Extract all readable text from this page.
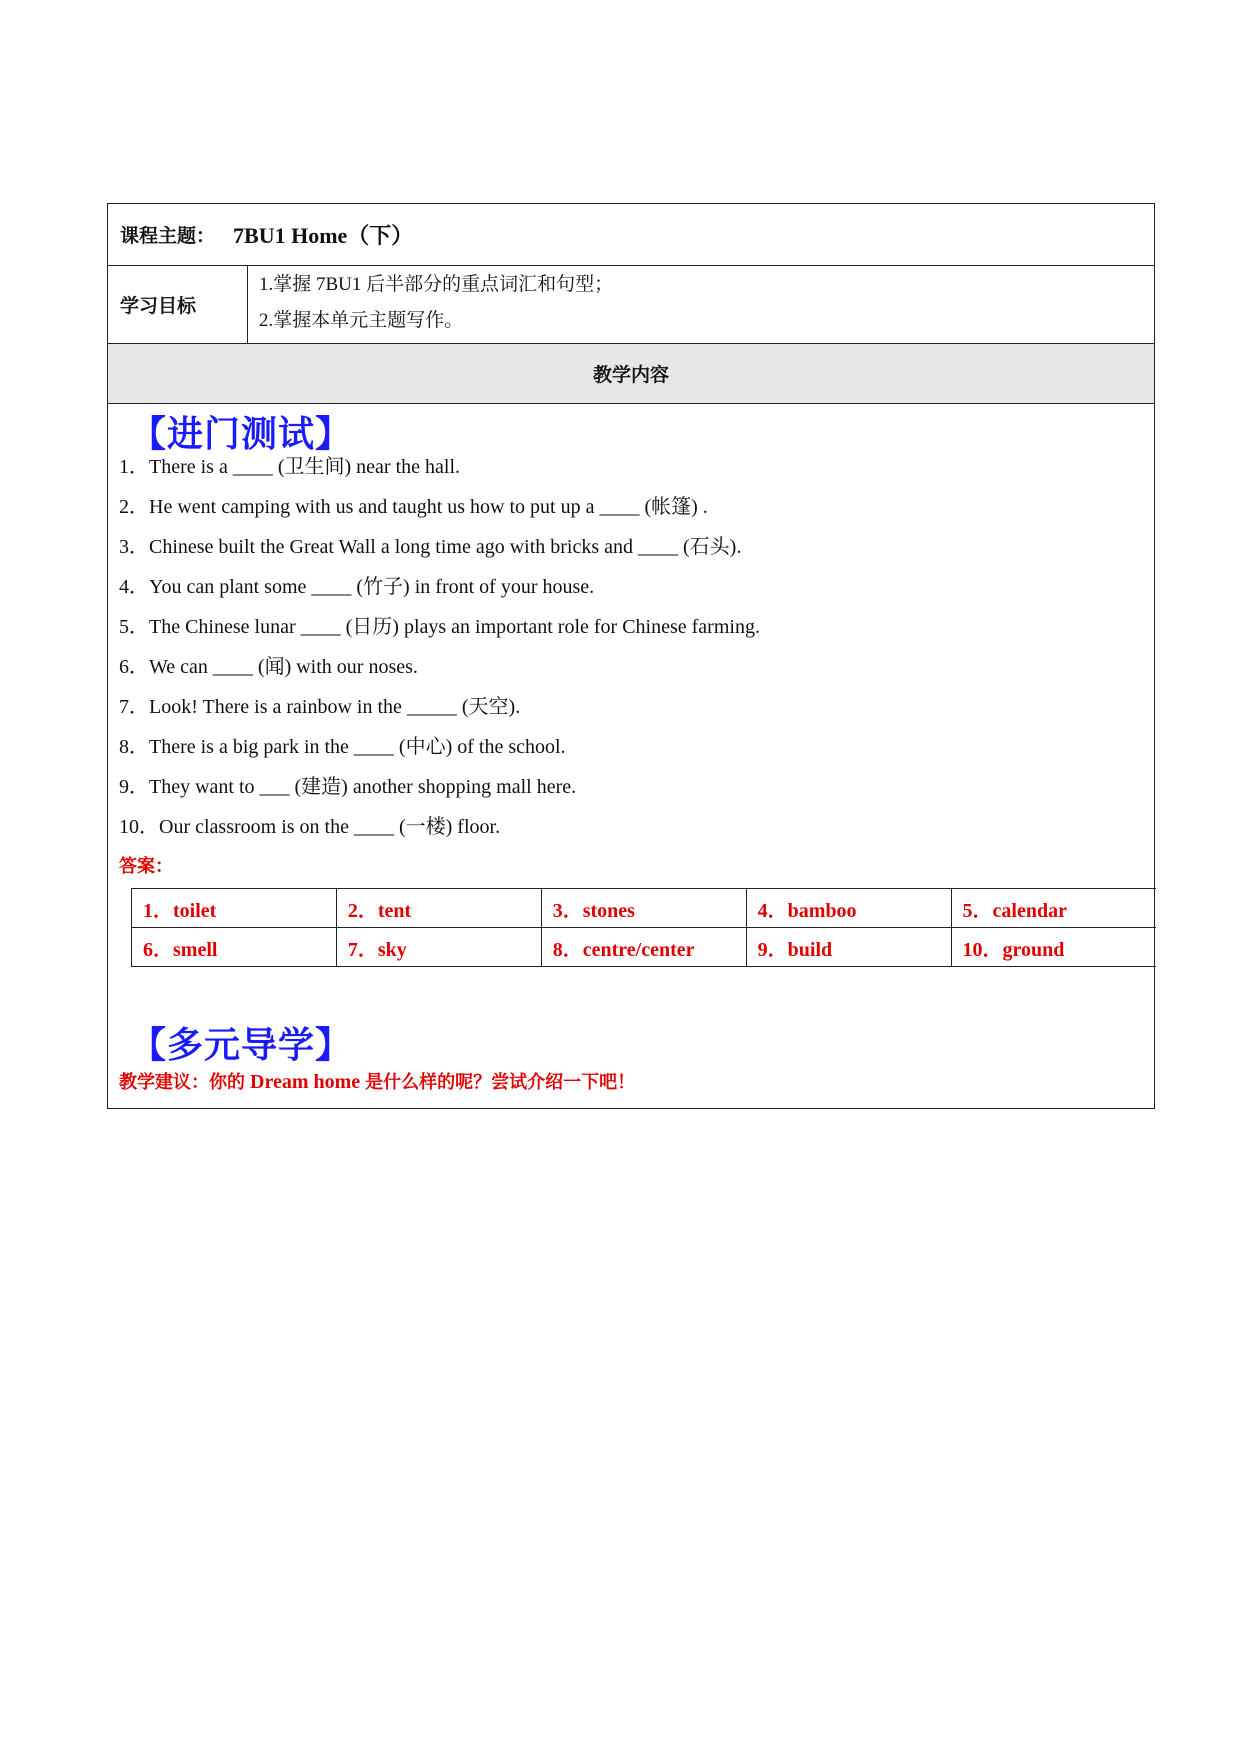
课程主题： 7BU1 Home（下）
学习目标
1.掌握 7BU1 后半部分的重点词汇和句型；
2.掌握本单元主题写作。
教学内容
【进门测试】
1．There is a ____ (卫生间) near the hall.
2．He went camping with us and taught us how to put up a ____ (帐篷) .
3．Chinese built the Great Wall a long time ago with bricks and ____ (石头).
4．You can plant some ____ (竹子) in front of your house.
5．The Chinese lunar ____ (日历) plays an important role for Chinese farming.
6．We can ____ (闻) with our noses.
7．Look! There is a rainbow in the _____ (天空).
8．There is a big park in the ____ (中心) of the school.
9．They want to ___ (建造) another shopping mall here.
10．Our classroom is on the ____ (一楼) floor.
答案：
1．toilet	2．tent	3．stones	4．bamboo	5．calendar
6．smell	7．sky	8．centre/center	9．build	10．ground
【多元导学】
教学建议：你的 Dream home 是什么样的呢？尝试介绍一下吧！
